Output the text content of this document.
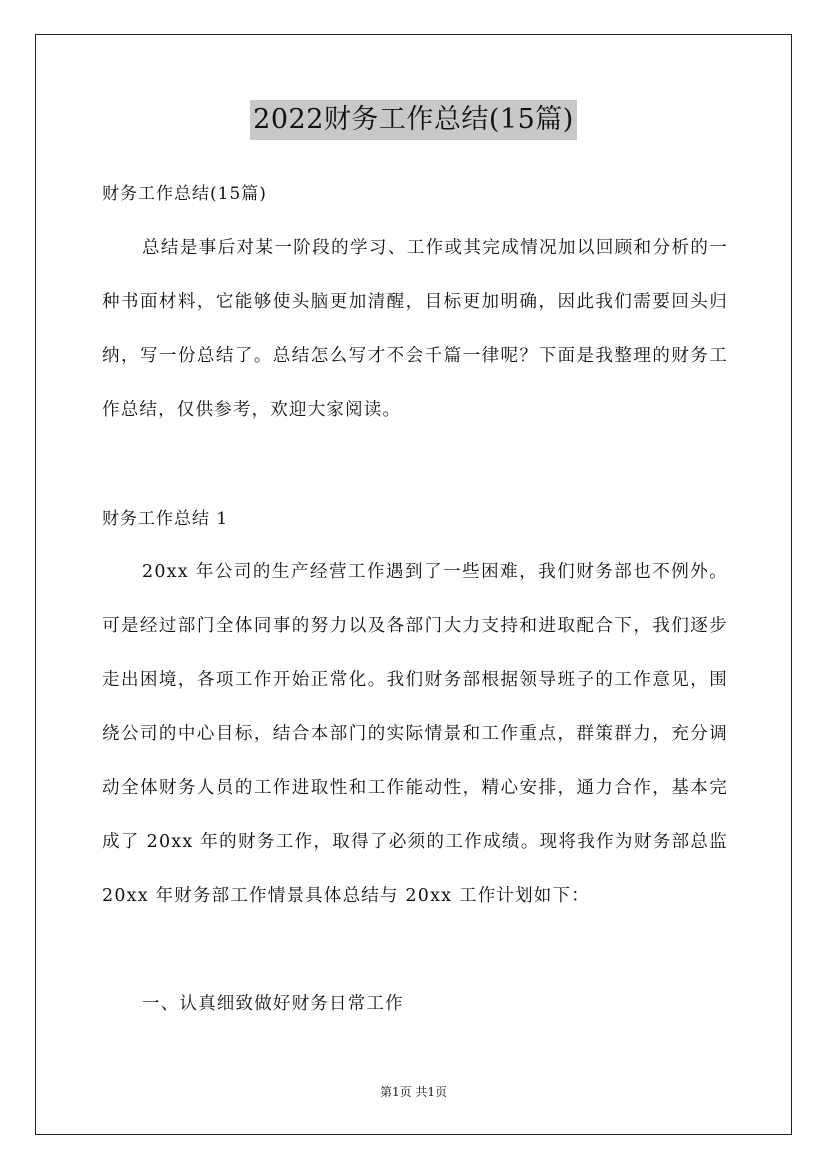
2022财务工作总结(15篇)
财务工作总结(15篇)

总结是事后对某一阶段的学习、工作或其完成情况加以回顾和分析的一种书面材料，它能够使头脑更加清醒，目标更加明确，因此我们需要回头归纳，写一份总结了。总结怎么写才不会千篇一律呢？下面是我整理的财务工作总结，仅供参考，欢迎大家阅读。

财务工作总结 1

20xx 年公司的生产经营工作遇到了一些困难，我们财务部也不例外。可是经过部门全体同事的努力以及各部门大力支持和进取配合下，我们逐步走出困境，各项工作开始正常化。我们财务部根据领导班子的工作意见，围绕公司的中心目标，结合本部门的实际情景和工作重点，群策群力，充分调动全体财务人员的工作进取性和工作能动性，精心安排，通力合作，基本完成了 20xx 年的财务工作，取得了必须的工作成绩。现将我作为财务部总监 20xx 年财务部工作情景具体总结与 20xx 工作计划如下：

一、认真细致做好财务日常工作

第1页 共1页
